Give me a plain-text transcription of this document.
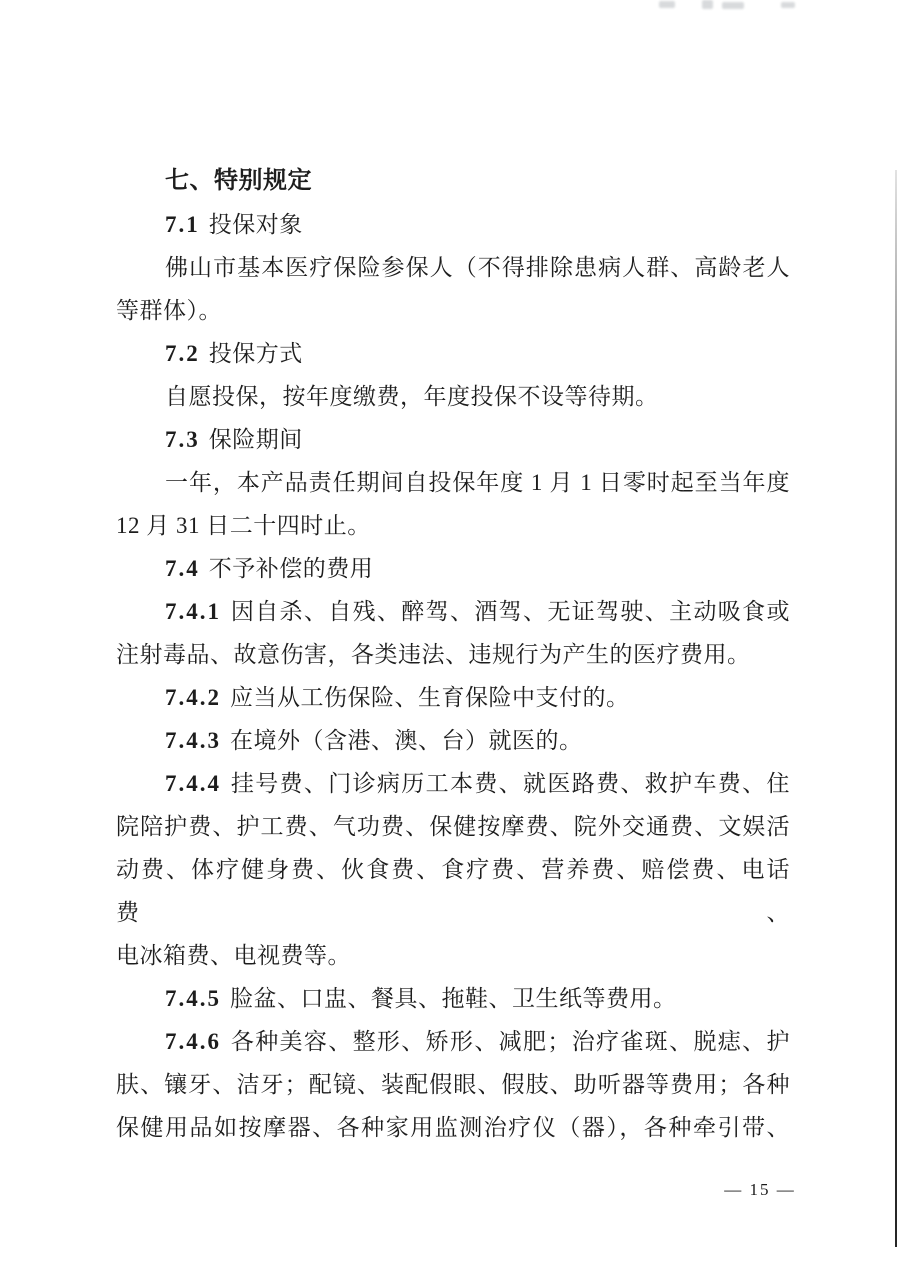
七、特别规定
7.1 投保对象
佛山市基本医疗保险参保人（不得排除患病人群、高龄老人
等群体）。
7.2 投保方式
自愿投保，按年度缴费，年度投保不设等待期。
7.3 保险期间
一年，本产品责任期间自投保年度 1 月 1 日零时起至当年度
12 月 31 日二十四时止。
7.4 不予补偿的费用
7.4.1 因自杀、自残、醉驾、酒驾、无证驾驶、主动吸食或
注射毒品、故意伤害，各类违法、违规行为产生的医疗费用。
7.4.2 应当从工伤保险、生育保险中支付的。
7.4.3 在境外（含港、澳、台）就医的。
7.4.4 挂号费、门诊病历工本费、就医路费、救护车费、住
院陪护费、护工费、气功费、保健按摩费、院外交通费、文娱活
动费、体疗健身费、伙食费、食疗费、营养费、赔偿费、电话费、
电冰箱费、电视费等。
7.4.5 脸盆、口盅、餐具、拖鞋、卫生纸等费用。
7.4.6 各种美容、整形、矫形、减肥；治疗雀斑、脱痣、护
肤、镶牙、洁牙；配镜、装配假眼、假肢、助听器等费用；各种
保健用品如按摩器、各种家用监测治疗仪（器），各种牵引带、
— 15 —
